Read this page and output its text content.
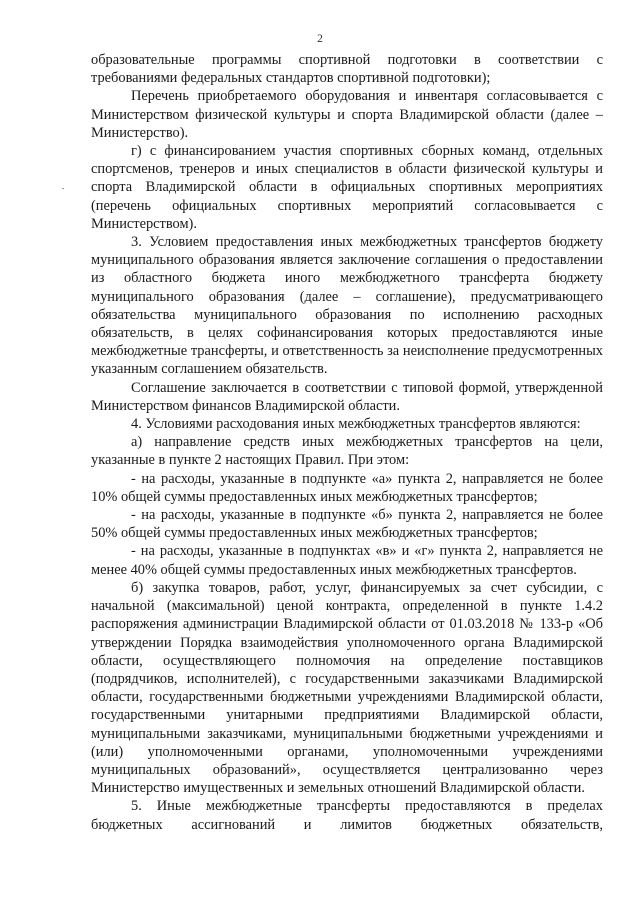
2

образовательные программы спортивной подготовки в соответствии с требованиями федеральных стандартов спортивной подготовки);

Перечень приобретаемого оборудования и инвентаря согласовывается с Министерством физической культуры и спорта Владимирской области (далее – Министерство).

г) с финансированием участия спортивных сборных команд, отдельных спортсменов, тренеров и иных специалистов в области физической культуры и спорта Владимирской области в официальных спортивных мероприятиях (перечень официальных спортивных мероприятий согласовывается с Министерством).

3. Условием предоставления иных межбюджетных трансфертов бюджету муниципального образования является заключение соглашения о предоставлении из областного бюджета иного межбюджетного трансферта бюджету муниципального образования (далее – соглашение), предусматривающего обязательства муниципального образования по исполнению расходных обязательств, в целях софинансирования которых предоставляются иные межбюджетные трансферты, и ответственность за неисполнение предусмотренных указанным соглашением обязательств.

Соглашение заключается в соответствии с типовой формой, утвержденной Министерством финансов Владимирской области.

4. Условиями расходования иных межбюджетных трансфертов являются:

а) направление средств иных межбюджетных трансфертов на цели, указанные в пункте 2 настоящих Правил. При этом:

- на расходы, указанные в подпункте «а» пункта 2, направляется не более 10% общей суммы предоставленных иных межбюджетных трансфертов;

- на расходы, указанные в подпункте «б» пункта 2, направляется не более 50% общей суммы предоставленных иных межбюджетных трансфертов;

- на расходы, указанные в подпунктах «в» и «г» пункта 2, направляется не менее 40% общей суммы предоставленных иных межбюджетных трансфертов.

б) закупка товаров, работ, услуг, финансируемых за счет субсидии, с начальной (максимальной) ценой контракта, определенной в пункте 1.4.2 распоряжения администрации Владимирской области от 01.03.2018 № 133-р «Об утверждении Порядка взаимодействия уполномоченного органа Владимирской области, осуществляющего полномочия на определение поставщиков (подрядчиков, исполнителей), с государственными заказчиками Владимирской области, государственными бюджетными учреждениями Владимирской области, государственными унитарными предприятиями Владимирской области, муниципальными заказчиками, муниципальными бюджетными учреждениями и (или) уполномоченными органами, уполномоченными учреждениями муниципальных образований», осуществляется централизованно через Министерство имущественных и земельных отношений Владимирской области.

5. Иные межбюджетные трансферты предоставляются в пределах бюджетных ассигнований и лимитов бюджетных обязательств,
